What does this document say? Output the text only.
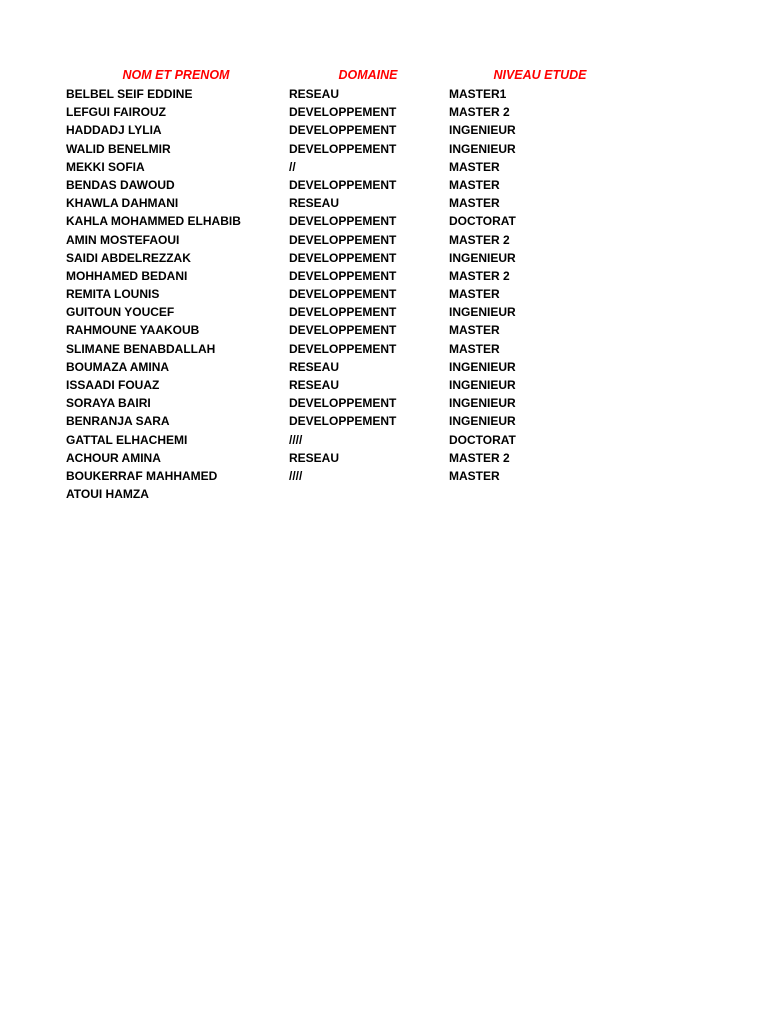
NOM ET PRENOM	DOMAINE	NIVEAU ETUDE
BELBEL SEIF EDDINE	RESEAU	MASTER1
LEFGUI FAIROUZ	DEVELOPPEMENT	MASTER 2
HADDADJ LYLIA	DEVELOPPEMENT	INGENIEUR
WALID BENELMIR	DEVELOPPEMENT	INGENIEUR
MEKKI SOFIA	//	MASTER
BENDAS DAWOUD	DEVELOPPEMENT	MASTER
KHAWLA DAHMANI	RESEAU	MASTER
KAHLA MOHAMMED ELHABIB	DEVELOPPEMENT	DOCTORAT
AMIN MOSTEFAOUI	DEVELOPPEMENT	MASTER 2
SAIDI ABDELREZZAK	DEVELOPPEMENT	INGENIEUR
MOHHAMED BEDANI	DEVELOPPEMENT	MASTER 2
REMITA LOUNIS	DEVELOPPEMENT	MASTER
GUITOUN YOUCEF	DEVELOPPEMENT	INGENIEUR
RAHMOUNE YAAKOUB	DEVELOPPEMENT	MASTER
SLIMANE BENABDALLAH	DEVELOPPEMENT	MASTER
BOUMAZA AMINA	RESEAU	INGENIEUR
ISSAADI FOUAZ	RESEAU	INGENIEUR
SORAYA BAIRI	DEVELOPPEMENT	INGENIEUR
BENRANJA SARA	DEVELOPPEMENT	INGENIEUR
GATTAL ELHACHEMI	////	DOCTORAT
ACHOUR AMINA	RESEAU	MASTER 2
BOUKERRAF MAHHAMED	////	MASTER
ATOUI HAMZA
